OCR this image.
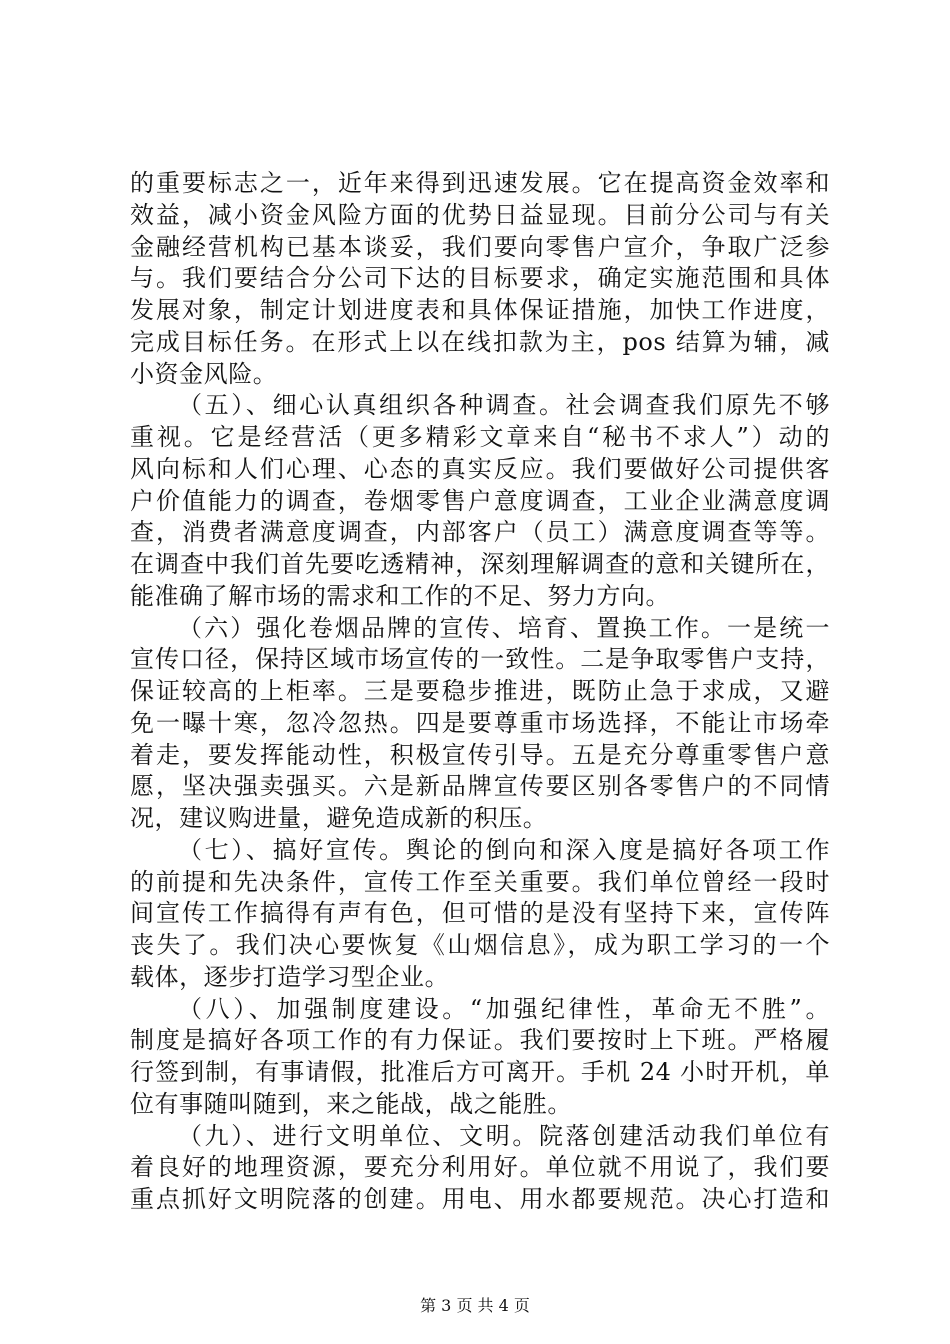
的重要标志之一，近年来得到迅速发展。它在提高资金效率和
效益，减小资金风险方面的优势日益显现。目前分公司与有关
金融经营机构已基本谈妥，我们要向零售户宣介，争取广泛参
与。我们要结合分公司下达的目标要求，确定实施范围和具体
发展对象，制定计划进度表和具体保证措施，加快工作进度，
完成目标任务。在形式上以在线扣款为主，pos 结算为辅，减
小资金风险。
（五）、细心认真组织各种调查。社会调查我们原先不够
重视。它是经营活（更多精彩文章来自“秘书不求人”）动的
风向标和人们心理、心态的真实反应。我们要做好公司提供客
户价值能力的调查，卷烟零售户意度调查，工业企业满意度调
查，消费者满意度调查，内部客户（员工）满意度调查等等。
在调查中我们首先要吃透精神，深刻理解调查的意和关键所在，
能准确了解市场的需求和工作的不足、努力方向。
（六）强化卷烟品牌的宣传、培育、置换工作。一是统一
宣传口径，保持区域市场宣传的一致性。二是争取零售户支持，
保证较高的上柜率。三是要稳步推进，既防止急于求成，又避
免一曝十寒，忽冷忽热。四是要尊重市场选择，不能让市场牵
着走，要发挥能动性，积极宣传引导。五是充分尊重零售户意
愿，坚决强卖强买。六是新品牌宣传要区别各零售户的不同情
况，建议购进量，避免造成新的积压。
（七）、搞好宣传。舆论的倒向和深入度是搞好各项工作
的前提和先决条件，宣传工作至关重要。我们单位曾经一段时
间宣传工作搞得有声有色，但可惜的是没有坚持下来，宣传阵
丧失了。我们决心要恢复《山烟信息》，成为职工学习的一个
载体，逐步打造学习型企业。
（八）、加强制度建设。“加强纪律性，革命无不胜”。
制度是搞好各项工作的有力保证。我们要按时上下班。严格履
行签到制，有事请假，批准后方可离开。手机 24 小时开机，单
位有事随叫随到，来之能战，战之能胜。
（九）、进行文明单位、文明。院落创建活动我们单位有
着良好的地理资源，要充分利用好。单位就不用说了，我们要
重点抓好文明院落的创建。用电、用水都要规范。决心打造和
第 3 页 共 4 页
